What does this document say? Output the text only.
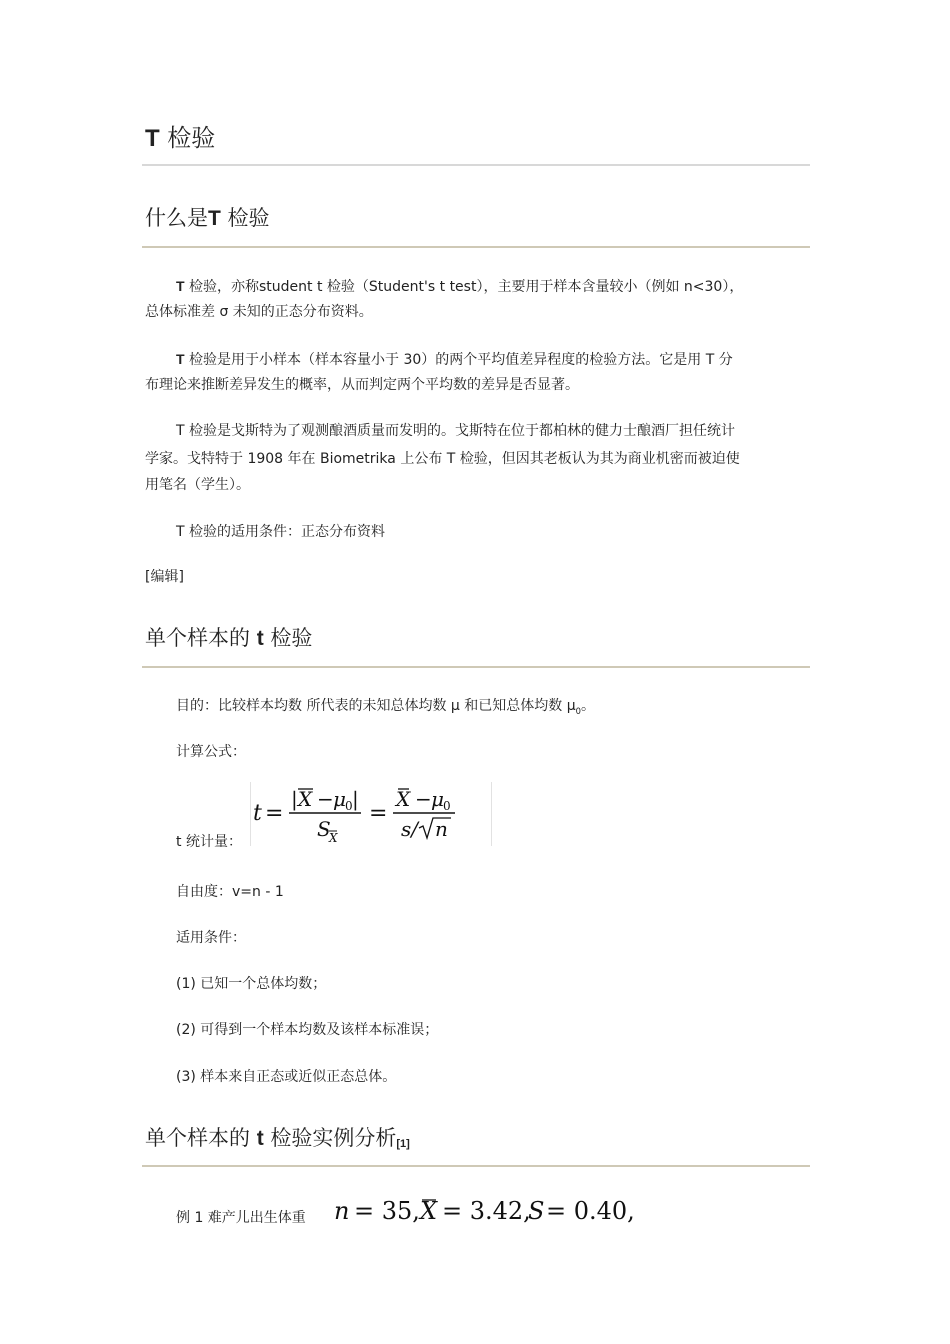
T 检验
什么是T 检验
T 检验，亦称student t 检验（Student's t test），主要用于样本含量较小（例如 n<30），
总体标准差 σ 未知的正态分布资料。
T 检验是用于小样本（样本容量小于 30）的两个平均值差异程度的检验方法。它是用 T 分
布理论来推断差异发生的概率，从而判定两个平均数的差异是否显著。
T 检验是戈斯特为了观测酿酒质量而发明的。戈斯特在位于都柏林的健力士酿酒厂担任统计
学家。戈特特于 1908 年在 Biometrika 上公布 T 检验，但因其老板认为其为商业机密而被迫使
用笔名（学生）。
T 检验的适用条件：正态分布资料
[编辑]
单个样本的 t 检验
目的：比较样本均数 所代表的未知总体均数 μ 和已知总体均数 $\mu_0$。
计算公式：
t 统计量：
t =
| X − μ 0 |
S
X
=
X − μ 0
s/ n
自由度：v=n - 1
适用条件：
(1) 已知一个总体均数；
(2) 可得到一个样本均数及该样本标准误；
(3) 样本来自正态或近似正态总体。
单个样本的 t 检验实例分析[1]
例 1 难产儿出生体重 n = 35, X = 3.42,
S = 0.40,
